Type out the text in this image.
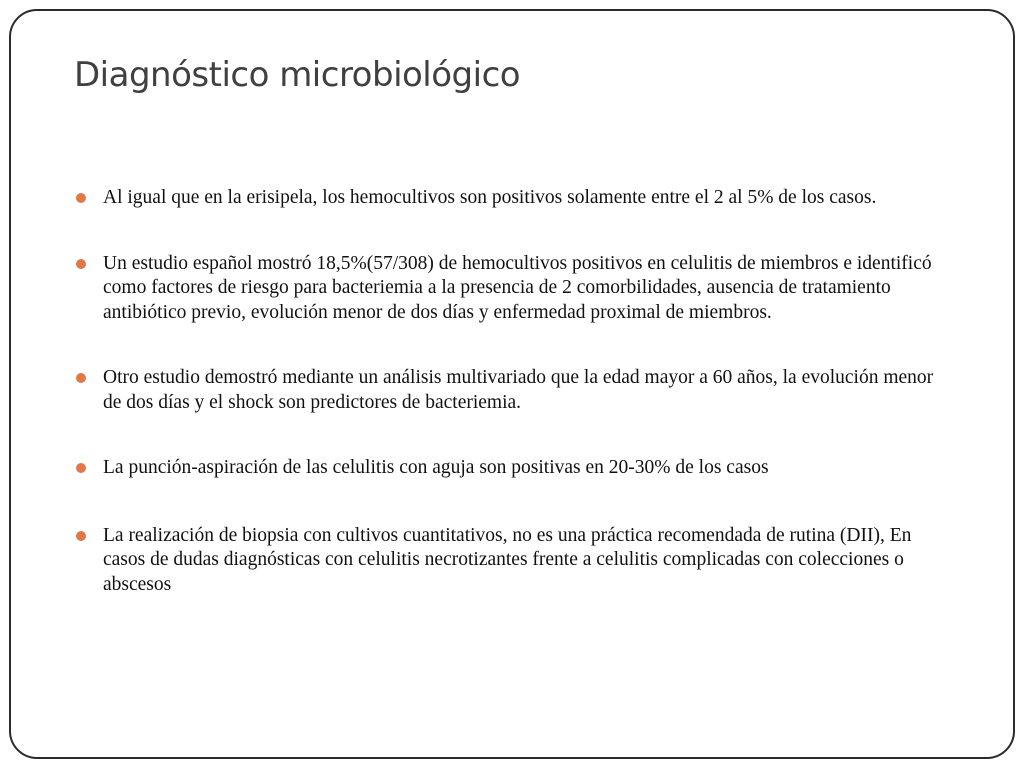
Diagnóstico microbiológico
Al igual que en la erisipela, los hemocultivos son positivos solamente entre el 2 al 5% de los casos.
Un estudio español mostró 18,5%(57/308) de hemocultivos positivos en celulitis de miembros e identificó como factores de riesgo para bacteriemia a la presencia de 2 comorbilidades, ausencia de tratamiento antibiótico previo, evolución menor de dos días y enfermedad proximal de miembros.
Otro estudio demostró mediante un análisis multivariado que la edad mayor a 60 años, la evolución menor de dos días y el shock son predictores de bacteriemia.
La punción-aspiración de las celulitis con aguja son positivas en 20-30% de los casos
La realización de biopsia con cultivos cuantitativos, no es una práctica recomendada de rutina (DII), En casos de dudas diagnósticas con celulitis necrotizantes frente a celulitis complicadas con colecciones o abscesos
